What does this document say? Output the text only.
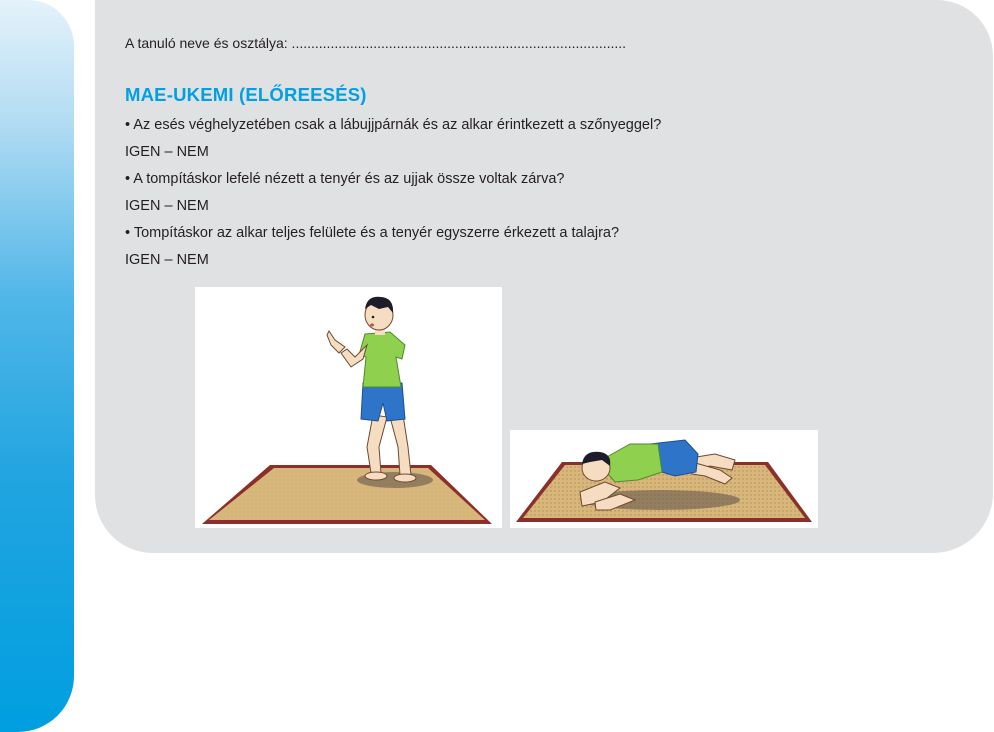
A tanuló neve és osztálya: ......................................................................................
MAE-UKEMI (ELŐREESÉS)
• Az esés véghelyzetében csak a lábujjpárnák és az alkar érintkezett a szőnyeggel?
IGEN – NEM
• A tompításkor lefelé nézett a tenyér és az ujjak össze voltak zárva?
IGEN – NEM
• Tompításkor az alkar teljes felülete és a tenyér egyszerre érkezett a talajra?
IGEN – NEM
